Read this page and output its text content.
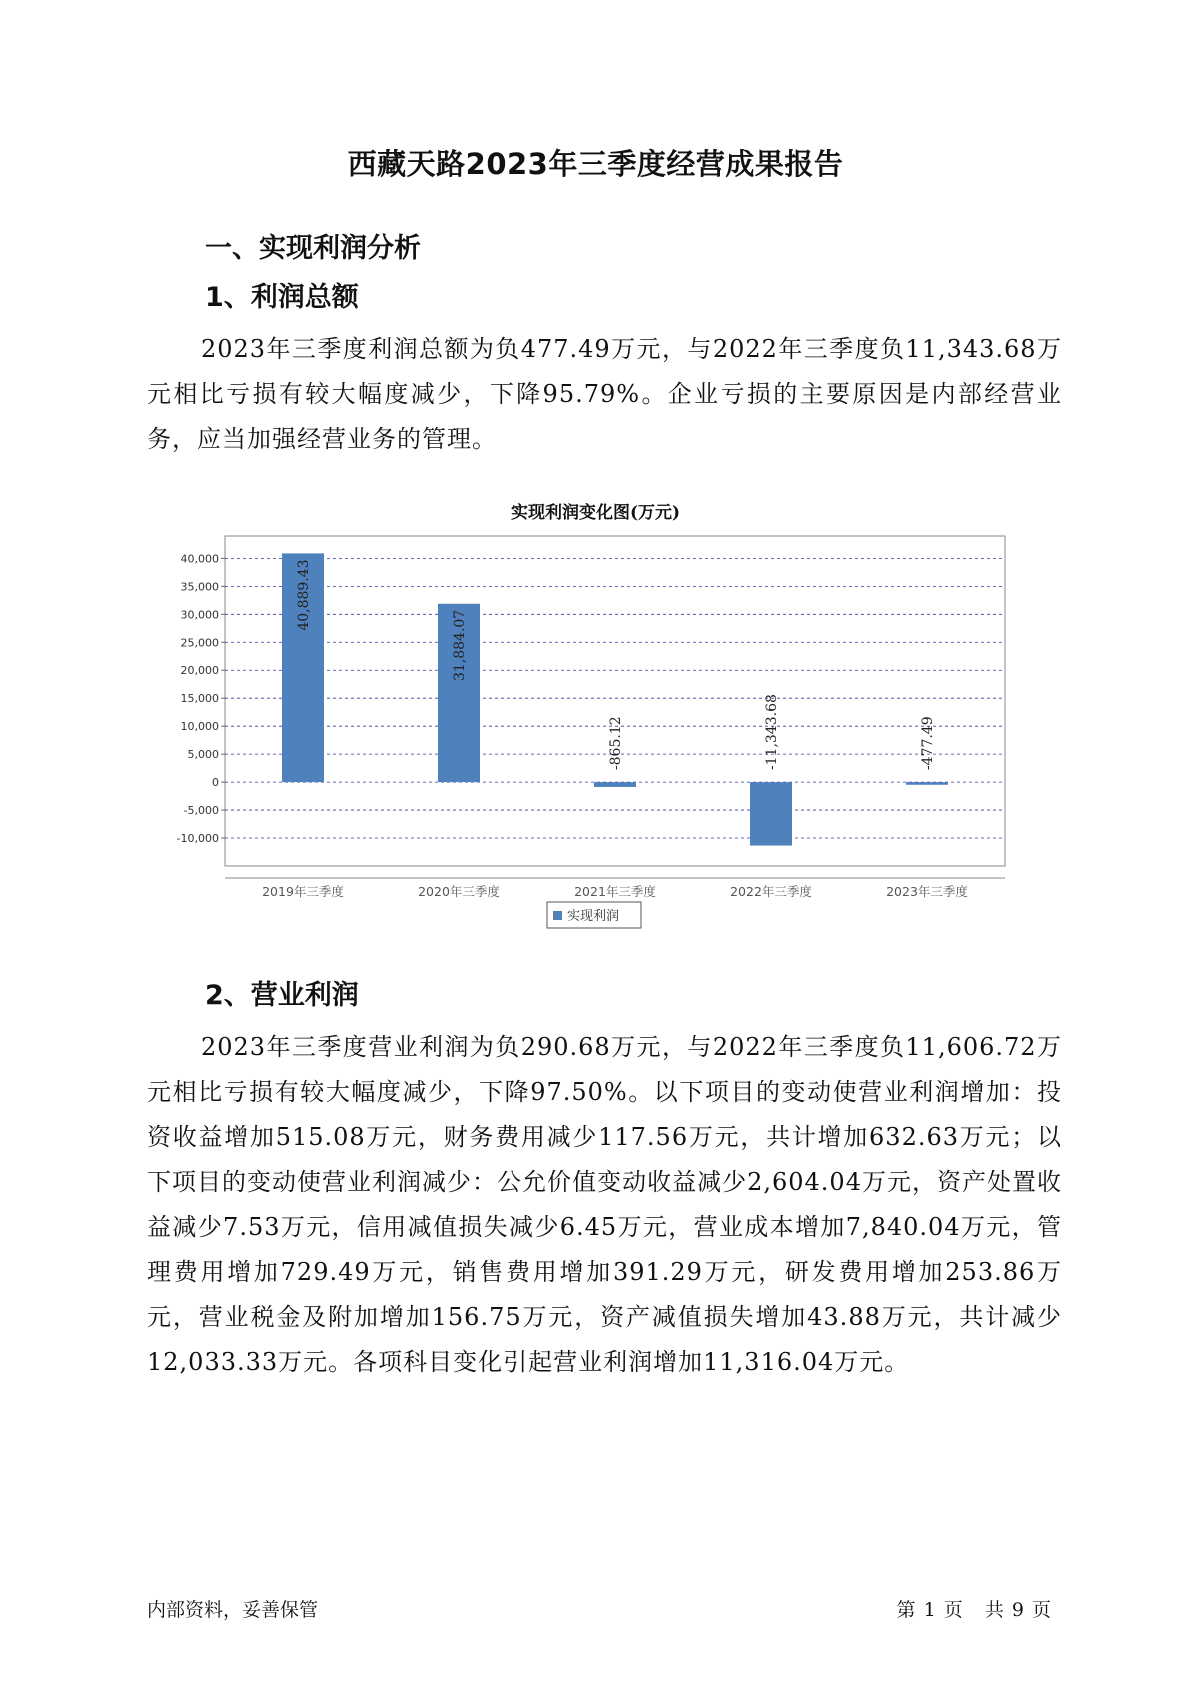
西藏天路2023年三季度经营成果报告
一、实现利润分析
1、利润总额
2023年三季度利润总额为负477.49万元，与2022年三季度负11,343.68万元相比亏损有较大幅度减少，下降95.79%。企业亏损的主要原因是内部经营业务，应当加强经营业务的管理。
实现利润变化图(万元)
40,000
35,000
30,000
25,000
20,000
15,000
10,000
5,000
0
-5,000
-10,000
40,889.43
2019年三季度
31,884.07
2020年三季度
-865.12
2021年三季度
-11,343.68
2022年三季度
-477.49
2023年三季度
实现利润
2、营业利润
2023年三季度营业利润为负290.68万元，与2022年三季度负11,606.72万元相比亏损有较大幅度减少，下降97.50%。以下项目的变动使营业利润增加：投资收益增加515.08万元，财务费用减少117.56万元，共计增加632.63万元；以下项目的变动使营业利润减少：公允价值变动收益减少2,604.04万元，资产处置收益减少7.53万元，信用减值损失减少6.45万元，营业成本增加7,840.04万元，管理费用增加729.49万元，销售费用增加391.29万元，研发费用增加253.86万元，营业税金及附加增加156.75万元，资产减值损失增加43.88万元，共计减少12,033.33万元。各项科目变化引起营业利润增加11,316.04万元。
内部资料，妥善保管	第 1 页   共 9 页
